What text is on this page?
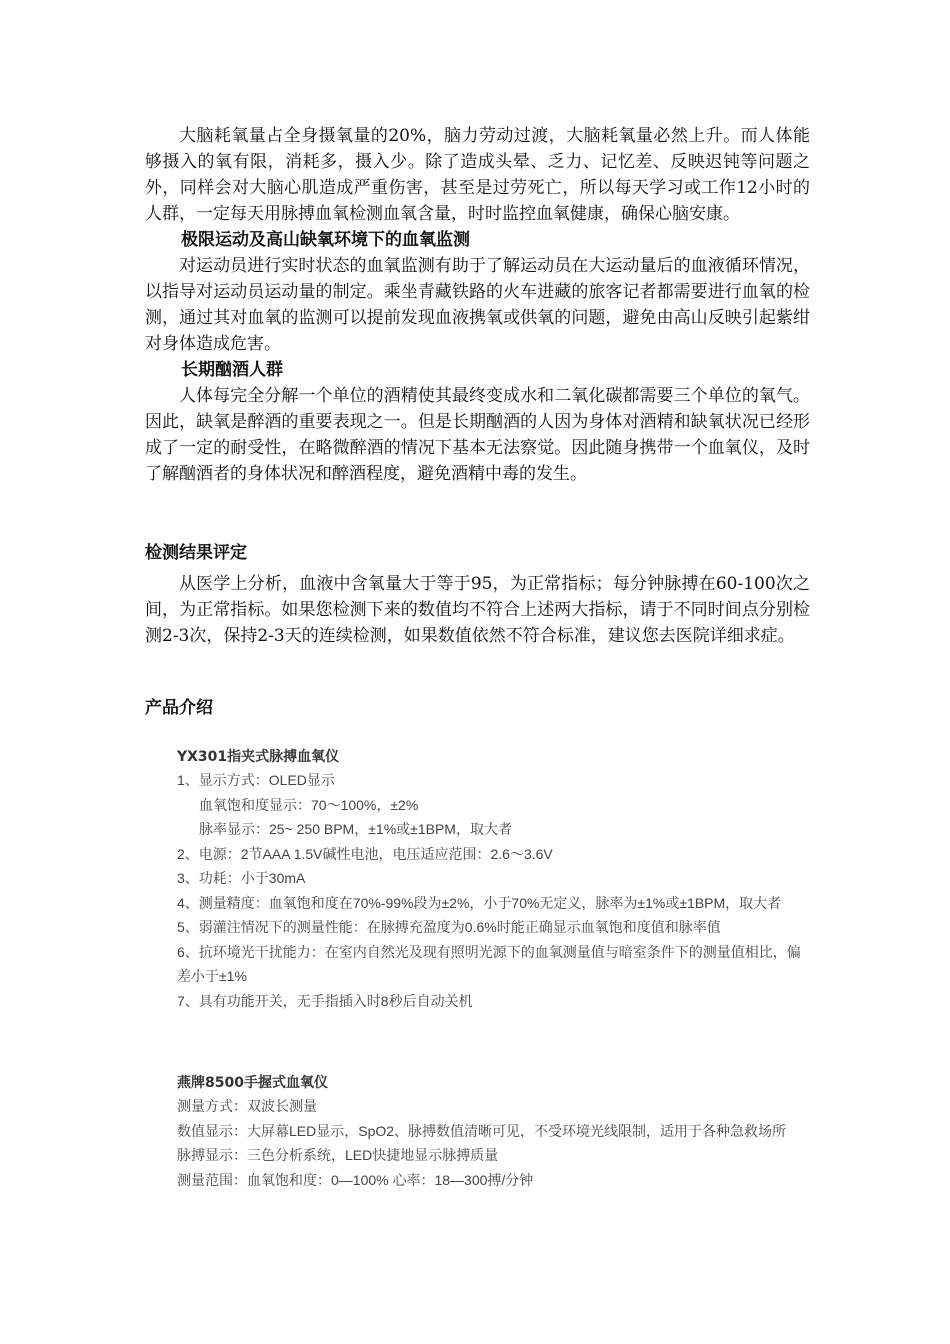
大脑耗氧量占全身摄氧量的20%，脑力劳动过渡，大脑耗氧量必然上升。而人体能够摄入的氧有限，消耗多，摄入少。除了造成头晕、乏力、记忆差、反映迟钝等问题之外，同样会对大脑心肌造成严重伤害，甚至是过劳死亡，所以每天学习或工作12小时的人群，一定每天用脉搏血氧检测血氧含量，时时监控血氧健康，确保心脑安康。

极限运动及高山缺氧环境下的血氧监测

对运动员进行实时状态的血氧监测有助于了解运动员在大运动量后的血液循环情况，以指导对运动员运动量的制定。乘坐青藏铁路的火车进藏的旅客记者都需要进行血氧的检测，通过其对血氧的监测可以提前发现血液携氧或供氧的问题，避免由高山反映引起紫绀对身体造成危害。

长期酗酒人群

人体每完全分解一个单位的酒精使其最终变成水和二氧化碳都需要三个单位的氧气。因此，缺氧是醉酒的重要表现之一。但是长期酗酒的人因为身体对酒精和缺氧状况已经形成了一定的耐受性，在略微醉酒的情况下基本无法察觉。因此随身携带一个血氧仪，及时了解酗酒者的身体状况和醉酒程度，避免酒精中毒的发生。

检测结果评定

从医学上分析，血液中含氧量大于等于95，为正常指标；每分钟脉搏在60-100次之间，为正常指标。如果您检测下来的数值均不符合上述两大指标，请于不同时间点分别检测2-3次，保持2-3天的连续检测，如果数值依然不符合标准，建议您去医院详细求症。

产品介绍

YX301指夹式脉搏血氧仪

1、显示方式：OLED显示

血氧饱和度显示：70～100%，±2%

脉率显示：25~ 250 BPM，±1%或±1BPM，取大者

2、电源：2节AAA 1.5V碱性电池，电压适应范围：2.6～3.6V

3、功耗：小于30mA

4、测量精度：血氧饱和度在70%-99%段为±2%，小于70%无定义，脉率为±1%或±1BPM，取大者

5、弱灌注情况下的测量性能：在脉搏充盈度为0.6%时能正确显示血氧饱和度值和脉率值

6、抗环境光干扰能力：在室内自然光及现有照明光源下的血氧测量值与暗室条件下的测量值相比，偏差小于±1%

7、具有功能开关，无手指插入时8秒后自动关机

燕牌8500手握式血氧仪

测量方式：双波长测量

数值显示：大屏幕LED显示，SpO2、脉搏数值清晰可见，不受环境光线限制，适用于各种急救场所

脉搏显示：三色分析系统，LED快捷地显示脉搏质量

测量范围：血氧饱和度：0—100% 心率：18—300搏/分钟
